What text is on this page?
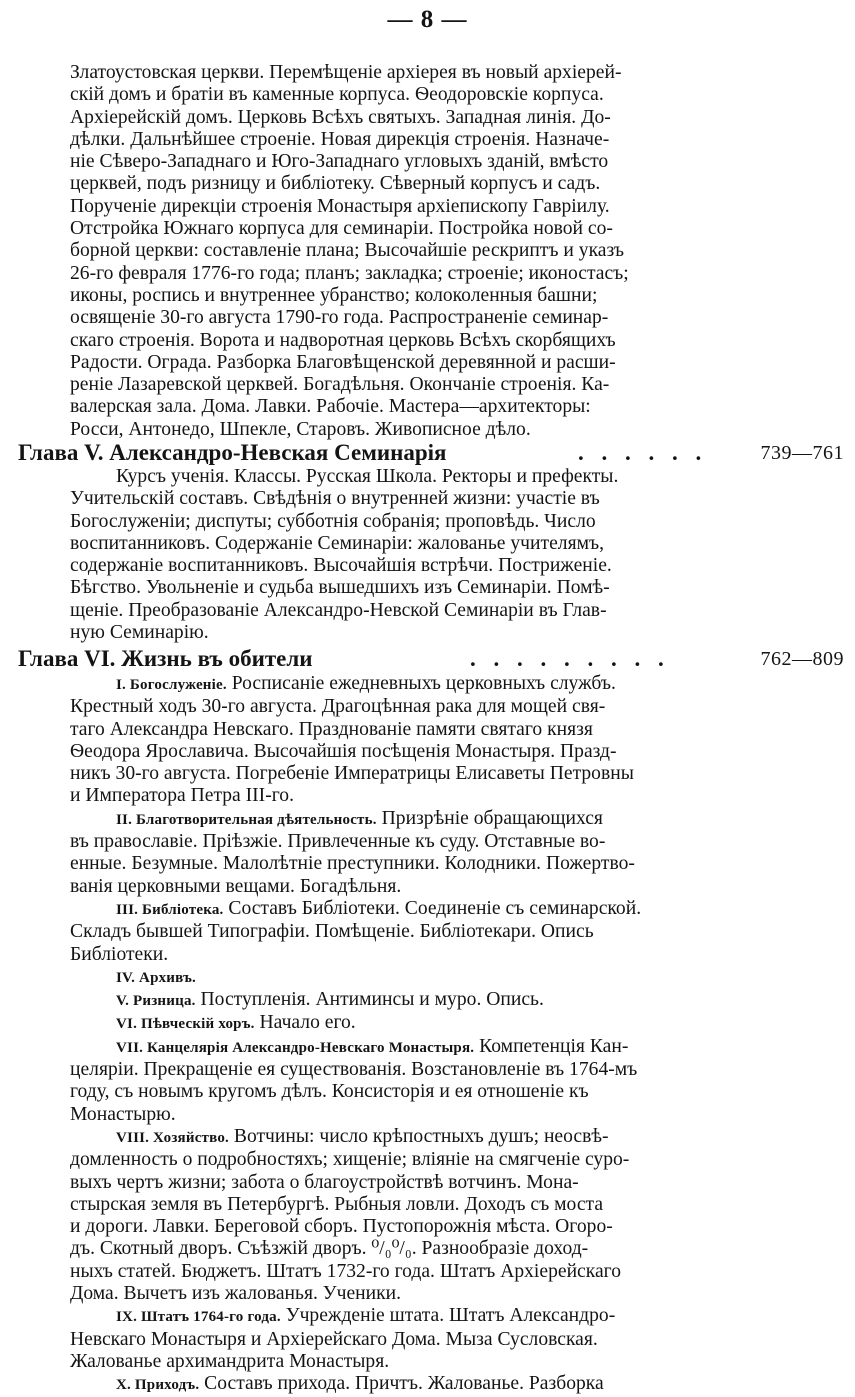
— 8 —
Златоустовская церкви. Перемѣщеніе архіерея въ новый архіерей-
скій домъ и братіи въ каменные корпуса. Ѳеодоровскіе корпуса.
Архіерейскій домъ. Церковь Всѣхъ святыхъ. Западная линія. До-
дѣлки. Дальнѣйшее строеніе. Новая дирекція строенія. Назначе-
ніе Сѣверо-Западнаго и Юго-Западнаго угловыхъ зданій, вмѣсто
церквей, подъ ризницу и библіотеку. Сѣверный корпусъ и садъ.
Порученіе дирекціи строенія Монастыря архіепископу Гавріилу.
Отстройка Южнаго корпуса для семинаріи. Постройка новой со-
борной церкви: составленіе плана; Высочайшіе рескриптъ и указъ
26-го февраля 1776-го года; планъ; закладка; строеніе; иконостасъ;
иконы, роспись и внутреннее убранство; колоколенныя башни;
освященіе 30-го августа 1790-го года. Распространеніе семинар-
скаго строенія. Ворота и надворотная церковь Всѣхъ скорбящихъ
Радости. Ограда. Разборка Благовѣщенской деревянной и расши-
реніе Лазаревской церквей. Богадѣльня. Окончаніе строенія. Ка-
валерская зала. Дома. Лавки. Рабочіе. Мастера—архитекторы:
Росси, Антонедо, Шпекле, Старовъ. Живописное дѣло.
Глава V. Александро-Невская Семинарія	. . . . . .	739—761
Курсъ ученія. Классы. Русская Школа. Ректоры и префекты.
Учительскій составъ. Свѣдѣнія о внутренней жизни: участіе въ
Богослуженіи; диспуты; субботнія собранія; проповѣдь. Число
воспитанниковъ. Содержаніе Семинаріи: жалованье учителямъ,
содержаніе воспитанниковъ. Высочайшія встрѣчи. Постриженіе.
Бѣгство. Увольненіе и судьба вышедшихъ изъ Семинаріи. Помѣ-
щеніе. Преобразованіе Александро-Невской Семинаріи въ Глав-
ную Семинарію.
Глава VI. Жизнь въ обители	. . . . . . . . .	762—809
I. Богослуженіе. Росписаніе ежедневныхъ церковныхъ службъ.
Крестный ходъ 30-го августа. Драгоцѣнная рака для мощей свя-
таго Александра Невскаго. Празднованіе памяти святаго князя
Ѳеодора Ярославича. Высочайшія посѣщенія Монастыря. Празд-
никъ 30-го августа. Погребеніе Императрицы Елисаветы Петровны
и Императора Петра III-го.
II. Благотворительная дѣятельность. Призрѣніе обращающихся
въ православіе. Пріѣзжіе. Привлеченные къ суду. Отставные во-
енные. Безумные. Малолѣтніе преступники. Колодники. Пожертво-
ванія церковными вещами. Богадѣльня.
III. Библіотека. Составъ Библіотеки. Соединеніе съ семинарской.
Складъ бывшей Типографіи. Помѣщеніе. Библіотекари. Опись
Библіотеки.
IV. Архивъ.
V. Ризница. Поступленія. Антиминсы и муро. Опись.
VI. Пѣвческій хоръ. Начало его.
VII. Канцелярія Александро-Невскаго Монастыря. Компетенція Кан-
целяріи. Прекращеніе ея существованія. Возстановленіе въ 1764-мъ
году, съ новымъ кругомъ дѣлъ. Консисторія и ея отношеніе къ
Монастырю.
VIII. Хозяйство. Вотчины: число крѣпостныхъ душъ; неосвѣ-
домленность о подробностяхъ; хищеніе; вліяніе на смягченіе суро-
выхъ чертъ жизни; забота о благоустройствѣ вотчинъ. Мона-
стырская земля въ Петербургѣ. Рыбныя ловли. Доходъ съ моста
и дороги. Лавки. Береговой сборъ. Пустопорожнія мѣста. Огоро-
дъ. Скотный дворъ. Съѣзжій дворъ. ⁰/₀⁰/₀. Разнообразіе доход-
ныхъ статей. Бюджетъ. Штатъ 1732-го года. Штатъ Архіерейскаго
Дома. Вычетъ изъ жалованья. Ученики.
IX. Штатъ 1764-го года. Учрежденіе штата. Штатъ Александро-
Невскаго Монастыря и Архіерейскаго Дома. Мыза Сусловская.
Жалованье архимандрита Монастыря.
X. Приходъ. Составъ прихода. Причтъ. Жалованье. Разборка
